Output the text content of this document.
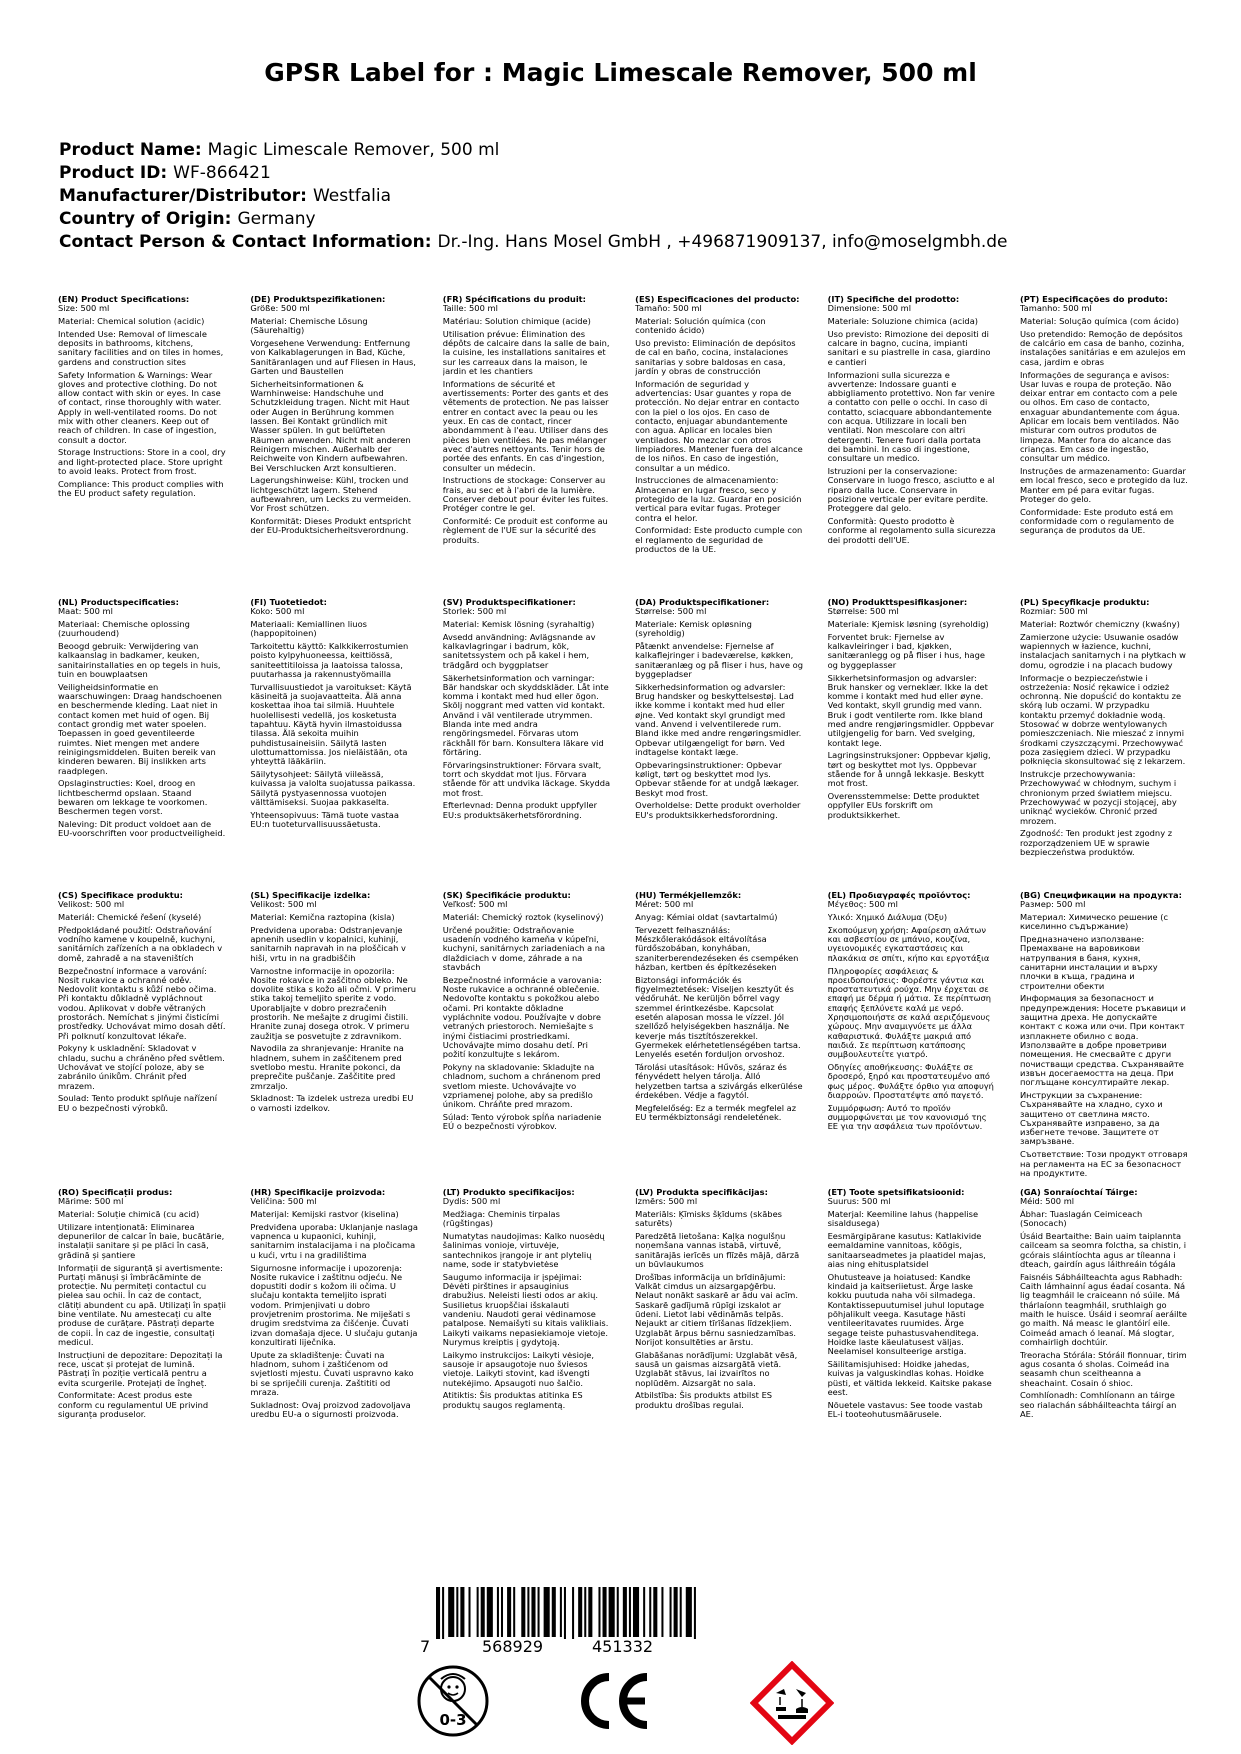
GPSR Label for : Magic Limescale Remover, 500 ml
Product Name: Magic Limescale Remover, 500 ml
Product ID: WF-866421
Manufacturer/Distributor: Westfalia
Country of Origin: Germany
Contact Person & Contact Information: Dr.-Ing. Hans Mosel GmbH , +496871909137, info@moselgmbh.de
(EN) Product Specifications:
Size: 500 ml
Material: Chemical solution (acidic)
Intended Use: Removal of limescale deposits in bathrooms, kitchens, sanitary facilities and on tiles in homes, gardens and construction sites
Safety Information & Warnings: Wear gloves and protective clothing. Do not allow contact with skin or eyes. In case of contact, rinse thoroughly with water. Apply in well-ventilated rooms. Do not mix with other cleaners. Keep out of reach of children. In case of ingestion, consult a doctor.
Storage Instructions: Store in a cool, dry and light-protected place. Store upright to avoid leaks. Protect from frost.
Compliance: This product complies with the EU product safety regulation.
(DE) Produktspezifikationen:
Größe: 500 ml
Material: Chemische Lösung (Säurehaltig)
Vorgesehene Verwendung: Entfernung von Kalkablagerungen in Bad, Küche, Sanitäranlagen und auf Fliesen in Haus, Garten und Baustellen
Sicherheitsinformationen & Warnhinweise: Handschuhe und Schutzkleidung tragen. Nicht mit Haut oder Augen in Berührung kommen lassen. Bei Kontakt gründlich mit Wasser spülen. In gut belüfteten Räumen anwenden. Nicht mit anderen Reinigern mischen. Außerhalb der Reichweite von Kindern aufbewahren. Bei Verschlucken Arzt konsultieren.
Lagerungshinweise: Kühl, trocken und lichtgeschützt lagern. Stehend aufbewahren, um Lecks zu vermeiden. Vor Frost schützen.
Konformität: Dieses Produkt entspricht der EU-Produktsicherheitsverordnung.
(FR) Spécifications du produit:
Taille: 500 ml
Matériau: Solution chimique (acide)
Utilisation prévue: Élimination des dépôts de calcaire dans la salle de bain, la cuisine, les installations sanitaires et sur les carreaux dans la maison, le jardin et les chantiers
Informations de sécurité et avertissements: Porter des gants et des vêtements de protection. Ne pas laisser entrer en contact avec la peau ou les yeux. En cas de contact, rincer abondamment à l'eau. Utiliser dans des pièces bien ventilées. Ne pas mélanger avec d'autres nettoyants. Tenir hors de portée des enfants. En cas d'ingestion, consulter un médecin.
Instructions de stockage: Conserver au frais, au sec et à l'abri de la lumière. Conserver debout pour éviter les fuites. Protéger contre le gel.
Conformité: Ce produit est conforme au règlement de l'UE sur la sécurité des produits.
(ES) Especificaciones del producto:
Tamaño: 500 ml
Material: Solución química (con contenido ácido)
Uso previsto: Eliminación de depósitos de cal en baño, cocina, instalaciones sanitarias y sobre baldosas en casa, jardín y obras de construcción
Información de seguridad y advertencias: Usar guantes y ropa de protección. No dejar entrar en contacto con la piel o los ojos. En caso de contacto, enjuagar abundantemente con agua. Aplicar en locales bien ventilados. No mezclar con otros limpiadores. Mantener fuera del alcance de los niños. En caso de ingestión, consultar a un médico.
Instrucciones de almacenamiento: Almacenar en lugar fresco, seco y protegido de la luz. Guardar en posición vertical para evitar fugas. Proteger contra el helor.
Conformidad: Este producto cumple con el reglamento de seguridad de productos de la UE.
(IT) Specifiche del prodotto:
Dimensione: 500 ml
Materiale: Soluzione chimica (acida)
Uso previsto: Rimozione dei depositi di calcare in bagno, cucina, impianti sanitari e su piastrelle in casa, giardino e cantieri
Informazioni sulla sicurezza e avvertenze: Indossare guanti e abbigliamento protettivo. Non far venire a contatto con pelle o occhi. In caso di contatto, sciacquare abbondantemente con acqua. Utilizzare in locali ben ventilati. Non mescolare con altri detergenti. Tenere fuori dalla portata dei bambini. In caso di ingestione, consultare un medico.
Istruzioni per la conservazione: Conservare in luogo fresco, asciutto e al riparo dalla luce. Conservare in posizione verticale per evitare perdite. Proteggere dal gelo.
Conformità: Questo prodotto è conforme al regolamento sulla sicurezza dei prodotti dell'UE.
(PT) Especificações do produto:
Tamanho: 500 ml
Material: Solução química (com ácido)
Uso pretendido: Remoção de depósitos de calcário em casa de banho, cozinha, instalações sanitárias e em azulejos em casa, jardim e obras
Informações de segurança e avisos: Usar luvas e roupa de proteção. Não deixar entrar em contacto com a pele ou olhos. Em caso de contacto, enxaguar abundantemente com água. Aplicar em locais bem ventilados. Não misturar com outros produtos de limpeza. Manter fora do alcance das crianças. Em caso de ingestão, consultar um médico.
Instruções de armazenamento: Guardar em local fresco, seco e protegido da luz. Manter em pé para evitar fugas. Proteger do gelo.
Conformidade: Este produto está em conformidade com o regulamento de segurança de produtos da UE.
(NL) Productspecificaties:
Maat: 500 ml
Materiaal: Chemische oplossing (zuurhoudend)
Beoogd gebruik: Verwijdering van kalkaanslag in badkamer, keuken, sanitairinstallaties en op tegels in huis, tuin en bouwplaatsen
Veiligheidsinformatie en waarschuwingen: Draag handschoenen en beschermende kleding. Laat niet in contact komen met huid of ogen. Bij contact grondig met water spoelen. Toepassen in goed geventileerde ruimtes. Niet mengen met andere reinigingsmiddelen. Buiten bereik van kinderen bewaren. Bij inslikken arts raadplegen.
Opslaginstructies: Koel, droog en lichtbeschermd opslaan. Staand bewaren om lekkage te voorkomen. Beschermen tegen vorst.
Naleving: Dit product voldoet aan de EU-voorschriften voor productveiligheid.
(FI) Tuotetiedot:
Koko: 500 ml
Materiaali: Kemiallinen liuos (happopitoinen)
Tarkoitettu käyttö: Kalkkikerrostumien poisto kylpyhuoneessa, keittiössä, saniteettitiloissa ja laatoissa talossa, puutarhassa ja rakennustyömailla
Turvallisuustiedot ja varoitukset: Käytä käsineitä ja suojavaatteita. Älä anna koskettaa ihoa tai silmiä. Huuhtele huolellisesti vedellä, jos kosketusta tapahtuu. Käytä hyvin ilmastoidussa tilassa. Älä sekoita muihin puhdistusaineisiin. Säilytä lasten ulottumattomissa. Jos nieläistään, ota yhteyttä lääkäriin.
Säilytysohjeet: Säilytä viileässä, kuivassa ja valolta suojatussa paikassa. Säilytä pystyasennossa vuotojen välttämiseksi. Suojaa pakkaselta.
Yhteensopivuus: Tämä tuote vastaa EU:n tuoteturvallisuussäetusta.
(SV) Produktspecifikationer:
Storlek: 500 ml
Material: Kemisk lösning (syrahaltig)
Avsedd användning: Avlägsnande av kalkavlagringar i badrum, kök, sanitetssystem och på kakel i hem, trädgård och byggplatser
Säkerhetsinformation och varningar: Bär handskar och skyddskläder. Låt inte komma i kontakt med hud eller ögon. Skölj noggrant med vatten vid kontakt. Använd i väl ventilerade utrymmen. Blanda inte med andra rengöringsmedel. Förvaras utom räckhåll för barn. Konsultera läkare vid förtäring.
Förvaringsinstruktioner: Förvara svalt, torrt och skyddat mot ljus. Förvara stående för att undvika läckage. Skydda mot frost.
Efterlevnad: Denna produkt uppfyller EU:s produktsäkerhetsförordning.
(DA) Produktspecifikationer:
Størrelse: 500 ml
Materiale: Kemisk opløsning (syreholdig)
Påtænkt anvendelse: Fjernelse af kalkaflejringer i badeværelse, køkken, sanitæranlæg og på fliser i hus, have og byggepladser
Sikkerhedsinformation og advarsler: Brug handsker og beskyttelsestøj. Lad ikke komme i kontakt med hud eller øjne. Ved kontakt skyl grundigt med vand. Anvend i velventilerede rum. Bland ikke med andre rengøringsmidler. Opbevar utilgængeligt for børn. Ved indtagelse kontakt læge.
Opbevaringsinstruktioner: Opbevar køligt, tørt og beskyttet mod lys. Opbevar stående for at undgå lækager. Beskyt mod frost.
Overholdelse: Dette produkt overholder EU's produktsikkerhedsforordning.
(NO) Produkttspesifikasjoner:
Størrelse: 500 ml
Materiale: Kjemisk løsning (syreholdig)
Forventet bruk: Fjernelse av kalkavleiringer i bad, kjøkken, sanitæranlegg og på fliser i hus, hage og byggeplasser
Sikkerhetsinformasjon og advarsler: Bruk hansker og verneklær. Ikke la det komme i kontakt med hud eller øyne. Ved kontakt, skyll grundig med vann. Bruk i godt ventilerte rom. Ikke bland med andre rengjøringsmidler. Oppbevar utilgjengelig for barn. Ved svelging, kontakt lege.
Lagringsinstruksjoner: Oppbevar kjølig, tørt og beskyttet mot lys. Oppbevar stående for å unngå lekkasje. Beskytt mot frost.
Overensstemmelse: Dette produktet oppfyller EUs forskrift om produktsikkerhet.
(PL) Specyfikacje produktu:
Rozmiar: 500 ml
Materiał: Roztwór chemiczny (kwaśny)
Zamierzone użycie: Usuwanie osadów wapiennych w łazience, kuchni, instalacjach sanitarnych i na płytkach w domu, ogrodzie i na placach budowy
Informacje o bezpieczeństwie i ostrzeżenia: Nosić rękawice i odzież ochronną. Nie dopuścić do kontaktu ze skórą lub oczami. W przypadku kontaktu przemyć dokładnie wodą. Stosować w dobrze wentylowanych pomieszczeniach. Nie mieszać z innymi środkami czyszczącymi. Przechowywać poza zasięgiem dzieci. W przypadku połknięcia skonsultować się z lekarzem.
Instrukcje przechowywania: Przechowywać w chłodnym, suchym i chronionym przed światłem miejscu. Przechowywać w pozycji stojącej, aby uniknąć wycieków. Chronić przed mrozem.
Zgodność: Ten produkt jest zgodny z rozporządzeniem UE w sprawie bezpieczeństwa produktów.
(CS) Specifikace produktu:
Velikost: 500 ml
Materiál: Chemické řešení (kyselé)
Předpokládané použití: Odstraňování vodního kamene v koupelně, kuchyni, sanitárních zařízeních a na obkladech v domě, zahradě a na staveništích
Bezpečnostní informace a varování: Nosit rukavice a ochranné oděv. Nedovolit kontaktu s kůží nebo očima. Při kontaktu důkladně vypláchnout vodou. Aplikovat v dobře větraných prostorách. Nemíchat s jinými čisticími prostředky. Uchovávat mimo dosah dětí. Při polknutí konzultovat lékaře.
Pokyny k uskladnění: Skladovat v chladu, suchu a chráněno před světlem. Uchovávat ve stojící poloze, aby se zabránilo únikům. Chránit před mrazem.
Soulad: Tento produkt splňuje nařízení EU o bezpečnosti výrobků.
(SL) Specifikacije izdelka:
Velikost: 500 ml
Material: Kemična raztopina (kisla)
Predvidena uporaba: Odstranjevanje apnenih usedlin v kopalnici, kuhinji, sanitarnih napravah in na ploščicah v hiši, vrtu in na gradbiščih
Varnostne informacije in opozorila: Nosite rokavice in zaščitno obleko. Ne dovolite stika s kožo ali očmi. V primeru stika takoj temeljito sperite z vodo. Uporabljajte v dobro prezračenih prostorih. Ne mešajte z drugimi čistili. Hranite zunaj dosega otrok. V primeru zaužitja se posvetujte z zdravnikom.
Navodila za shranjevanje: Hranite na hladnem, suhem in zaščitenem pred svetlobo mestu. Hranite pokonci, da preprečite puščanje. Zaščitite pred zmrzaljo.
Skladnost: Ta izdelek ustreza uredbi EU o varnosti izdelkov.
(SK) Špecifikácie produktu:
Veľkosť: 500 ml
Materiál: Chemický roztok (kyselinový)
Určené použitie: Odstraňovanie usadenín vodného kameňa v kúpeľni, kuchyni, sanitárnych zariadeniach a na dlaždiciach v dome, záhrade a na stavbách
Bezpečnostné informácie a varovania: Noste rukavice a ochranné oblečenie. Nedovoľte kontaktu s pokožkou alebo očami. Pri kontakte dôkladne vypláchnite vodou. Používajte v dobre vetraných priestoroch. Nemiešajte s inými čistiacimi prostriedkami. Uchovávajte mimo dosahu detí. Pri požití konzultujte s lekárom.
Pokyny na skladovanie: Skladujte na chladnom, suchom a chránenom pred svetlom mieste. Uchovávajte vo vzpriamenej polohe, aby sa predišlo únikom. Chráňte pred mrazom.
Súlad: Tento výrobok spĺňa nariadenie EÚ o bezpečnosti výrobkov.
(HU) Termékjellemzők:
Méret: 500 ml
Anyag: Kémiai oldat (savtartalmú)
Tervezett felhasználás: Mészkőlerakódások eltávolítása fürdőszobában, konyhában, szaniterberendezéseken és csempéken házban, kertben és építkezéseken
Biztonsági információk és figyelmeztetések: Viseljen kesztyűt és védőruhát. Ne kerüljön bőrrel vagy szemmel érintkezésbe. Kapcsolat esetén alaposan mossa le vízzel. Jól szellőző helyiségekben használja. Ne keverje más tisztítószerekkel. Gyermekek elérhetetlenségében tartsa. Lenyelés esetén forduljon orvoshoz.
Tárolási utasítások: Hűvös, száraz és fényvédett helyen tárolja. Álló helyzetben tartsa a szivárgás elkerülése érdekében. Védje a fagytól.
Megfelelőség: Ez a termék megfelel az EU termékbiztonsági rendeletének.
(EL) Προδιαγραφές προϊόντος:
Μέγεθος: 500 ml
Υλικό: Χημικό Διάλυμα (Όξυ)
Σκοπούμενη χρήση: Αφαίρεση αλάτων και ασβεστίου σε μπάνιο, κουζίνα, υγειονομικές εγκαταστάσεις και πλακάκια σε σπίτι, κήπο και εργοτάξια
Πληροφορίες ασφάλειας & προειδοποιήσεις: Φορέστε γάντια και προστατευτικά ρούχα. Μην έρχεται σε επαφή με δέρμα ή μάτια. Σε περίπτωση επαφής ξεπλύνετε καλά με νερό. Χρησιμοποιήστε σε καλά αεριζόμενους χώρους. Μην αναμιγνύετε με άλλα καθαριστικά. Φυλάξτε μακριά από παιδιά. Σε περίπτωση κατάποσης συμβουλευτείτε γιατρό.
Οδηγίες αποθήκευσης: Φυλάξτε σε δροσερό, ξηρό και προστατευμένο από φως μέρος. Φυλάξτε όρθιο για αποφυγή διαρροών. Προστατέψτε από παγετό.
Συμμόρφωση: Αυτό το προϊόν συμμορφώνεται με τον κανονισμό της ΕΕ για την ασφάλεια των προϊόντων.
(BG) Спецификации на продукта:
Размер: 500 ml
Материал: Химическо решение (с киселинно съдържание)
Предназначено използване: Премахване на варовикови натрупвания в баня, кухня, санитарни инсталации и върху плочки в къща, градина и строителни обекти
Информация за безопасност и предупреждения: Носете ръкавици и защитна дреха. Не допускайте контакт с кожа или очи. При контакт изплакнете обилно с вода. Използвайте в добре проветриви помещения. Не смесвайте с други почистващи средства. Съхранявайте извън досегаемостта на деца. При поглъщане консултирайте лекар.
Инструкции за съхранение: Съхранявайте на хладно, сухо и защитено от светлина място. Съхранявайте изправено, за да избегнете течове. Защитете от замръзване.
Съответствие: Този продукт отговаря на регламента на ЕС за безопасност на продуктите.
(RO) Specificații produs:
Mărime: 500 ml
Material: Soluție chimică (cu acid)
Utilizare intenționată: Eliminarea depunerilor de calcar în baie, bucătărie, instalații sanitare și pe plăci în casă, grădină și șantiere
Informații de siguranță și avertismente: Purtați mănuși și îmbrăcăminte de protecție. Nu permiteți contactul cu pielea sau ochii. În caz de contact, clătiți abundent cu apă. Utilizați în spații bine ventilate. Nu amestecați cu alte produse de curățare. Păstrați departe de copii. În caz de ingestie, consultați medicul.
Instrucțiuni de depozitare: Depozitați la rece, uscat și protejat de lumină. Păstrați în poziție verticală pentru a evita scurgerile. Protejați de îngheț.
Conformitate: Acest produs este conform cu regulamentul UE privind siguranța produselor.
(HR) Specifikacije proizvoda:
Veličina: 500 ml
Materijal: Kemijski rastvor (kiselina)
Predviđena uporaba: Uklanjanje naslaga vapnenca u kupaonici, kuhinji, sanitarnim instalacijama i na pločicama u kući, vrtu i na gradilištima
Sigurnosne informacije i upozorenja: Nosite rukavice i zaštitnu odjeću. Ne dopustiti dodir s kožom ili očima. U slučaju kontakta temeljito isprati vodom. Primjenjivati u dobro provjetrenim prostorima. Ne miješati s drugim sredstvima za čišćenje. Čuvati izvan domašaja djece. U slučaju gutanja konzultirati liječnika.
Upute za skladištenje: Čuvati na hladnom, suhom i zaštićenom od svjetlosti mjestu. Čuvati uspravno kako bi se spriječili curenja. Zaštititi od mraza.
Sukladnost: Ovaj proizvod zadovoljava uredbu EU-a o sigurnosti proizvoda.
(LT) Produkto specifikacijos:
Dydis: 500 ml
Medžiaga: Cheminis tirpalas (rūgštingas)
Numatytas naudojimas: Kalko nuosėdų šalinimas vonioje, virtuvėje, santechnikos įrangoje ir ant plytelių name, sode ir statybvietėse
Saugumo informacija ir įspėjimai: Dėvėti pirštines ir apsauginius drabužius. Neleisti liesti odos ar akių. Susilietus kruopščiai išskalauti vandeniu. Naudoti gerai vėdinamose patalpose. Nemaišyti su kitais valikliais. Laikyti vaikams nepasiekiamoje vietoje. Nurymus kreiptis į gydytoją.
Laikymo instrukcijos: Laikyti vėsioje, sausoje ir apsaugotoje nuo šviesos vietoje. Laikyti stovint, kad išvengti nutekėjimo. Apsaugoti nuo šalčio.
Atitiktis: Šis produktas atitinka ES produktų saugos reglamentą.
(LV) Produkta specifikācijas:
Izmērs: 500 ml
Materiāls: Ķīmisks šķīdums (skābes saturēts)
Paredzētā lietošana: Kaļķa nogulšņu noņemšana vannas istabā, virtuvē, sanitārajās ierīcēs un flīzēs mājā, dārzā un būvlaukumos
Drošības informācija un brīdinājumi: Valkāt cimdus un aizsargapģērbu. Nelaut nonākt saskarē ar ādu vai acīm. Saskarē gadījumā rūpīgi izskalot ar ūdeni. Lietot labi vēdināmās telpās. Nejaukt ar citiem tīrīšanas līdzekļiem. Uzglabāt ārpus bērnu sasniedzamības. Norijot konsultēties ar ārstu.
Glabāšanas norādījumi: Uzglabāt vēsā, sausā un gaismas aizsargātā vietā. Uzglabāt stāvus, lai izvairītos no noplūdēm. Aizsargāt no sala.
Atbilstība: Šis produkts atbilst ES produktu drošības regulai.
(ET) Toote spetsifikatsioonid:
Suurus: 500 ml
Materjal: Keemiline lahus (happelise sisaldusega)
Eesmärgipärane kasutus: Katlakivide eemaldamine vannitoas, köögis, sanitaarseadmetes ja plaatidel majas, aias ning ehitusplatsidel
Ohutusteave ja hoiatused: Kandke kindaid ja kaitseriietust. Ärge laske kokku puutuda naha või silmadega. Kontaktissepuutumisel juhul loputage põhjalikult veega. Kasutage hästi ventileeritavates ruumides. Ärge segage teiste puhastusvahenditega. Hoidke laste käeulatusest väljas. Neelamisel konsulteerige arstiga.
Säilitamisjuhised: Hoidke jahedas, kuivas ja valguskindlas kohas. Hoidke püsti, et vältida lekkeid. Kaitske pakase eest.
Nõuetele vastavus: See toode vastab EL-i tooteohutusmäärusele.
(GA) Sonraíochtaí Táirge:
Méid: 500 ml
Ábhar: Tuaslagán Ceimiceach (Sonocach)
Úsáid Beartaithe: Bain uaim taiplannta cailceam sa seomra folctha, sa chistin, i gcórais sláintíochta agus ar tíleanna i dteach, gairdín agus láithreáin tógála
Faisnéis Sábháilteachta agus Rabhadh: Caith lámhainní agus éadaí cosanta. Ná lig teagmháil le craiceann nó súile. Má thárlaíonn teagmháil, sruthlaigh go maith le huisce. Úsáid i seomraí aeráilte go maith. Ná measc le glantóirí eile. Coimeád amach ó leanaí. Má slogtar, comhairligh dochtúir.
Treoracha Stórála: Stóráil fionnuar, tirim agus cosanta ó sholas. Coimeád ina seasamh chun sceitheanna a sheachaint. Cosain ó shioc.
Comhlíonadh: Comhlíonann an táirge seo rialachán sábháilteachta táirgí an AE.
7	568929	451332
0-3
